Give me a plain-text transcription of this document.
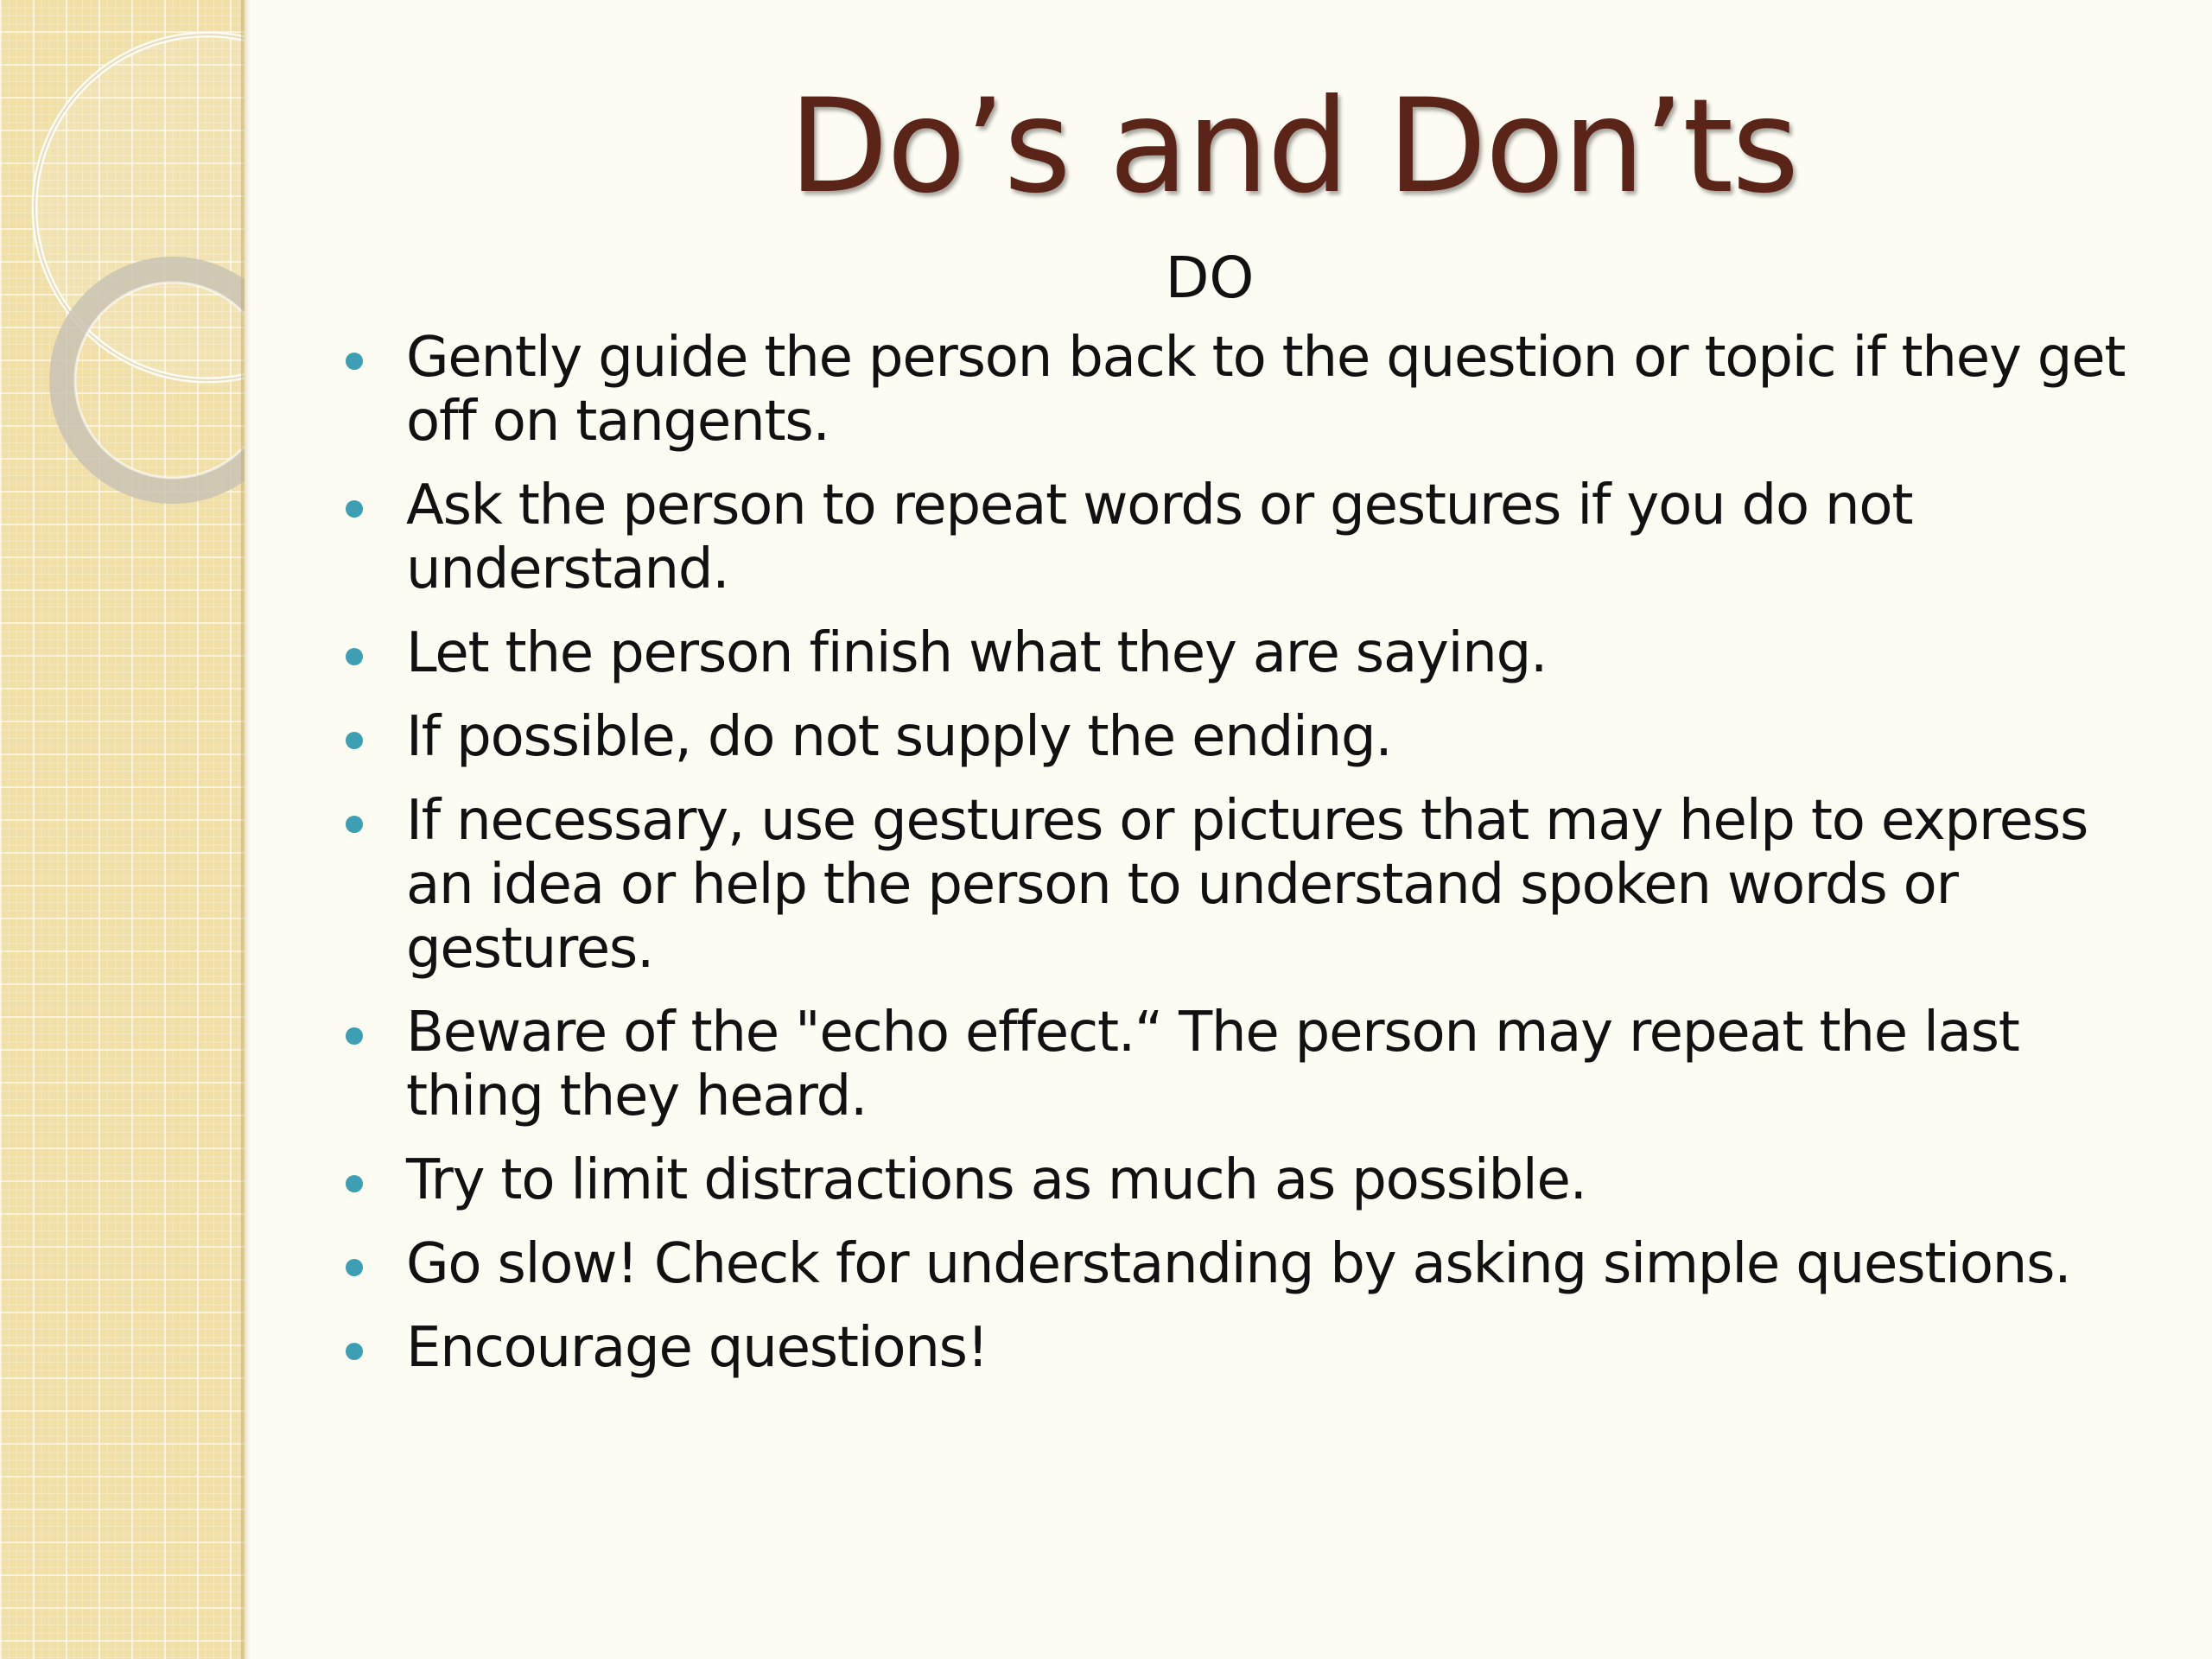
Do’s and Don’ts
DO
Gently guide the person back to the question or topic if they get off on tangents.
Ask the person to repeat words or gestures if you do not understand.
Let the person finish what they are saying.
If possible, do not supply the ending.
If necessary, use gestures or pictures that may help to express an idea or help the person to understand spoken words or gestures.
Beware of the "echo effect.“ The person may repeat the last thing they heard.
Try to limit distractions as much as possible.
Go slow! Check for understanding by asking simple questions.
Encourage questions!
